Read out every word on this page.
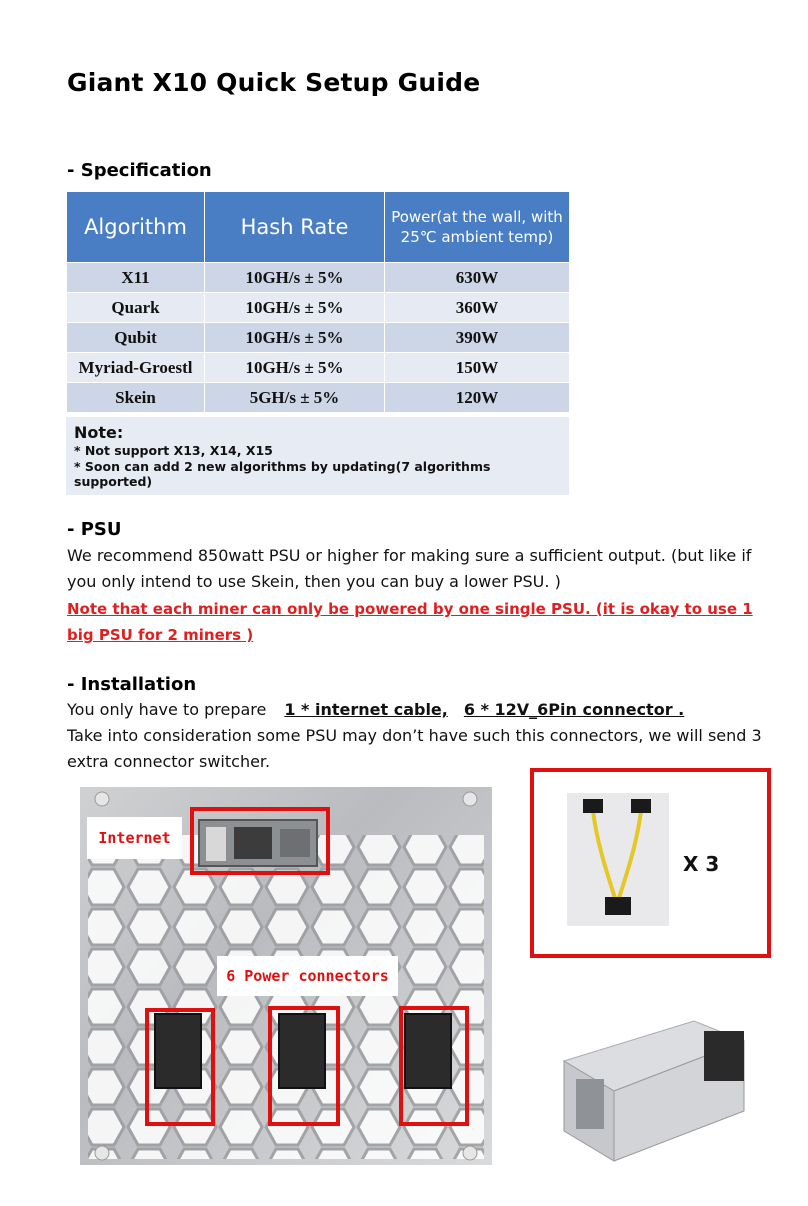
Giant X10 Quick Setup Guide
- Specification
Algorithm	Hash Rate	Power(at the wall, with 25℃ ambient temp)
X11	10GH/s ± 5%	630W
Quark	10GH/s ± 5%	360W
Qubit	10GH/s ± 5%	390W
Myriad-Groestl	10GH/s ± 5%	150W
Skein	5GH/s ± 5%	120W
Note:
* Not support X13, X14, X15
* Soon can add 2 new algorithms by updating(7 algorithms supported)
- PSU

We recommend 850watt PSU or higher for making sure a sufficient output. (but like if you only intend to use Skein, then you can buy a lower PSU. )

Note that each miner can only be powered by one single PSU. (it is okay to use 1 big PSU for 2 miners )

- Installation

You only have to prepare 1 * internet cable, 6 * 12V_6Pin connector .

Take into consideration some PSU may don’t have such this connectors, we will send 3 extra connector switcher.

Internet
6 Power connectors
X 3
